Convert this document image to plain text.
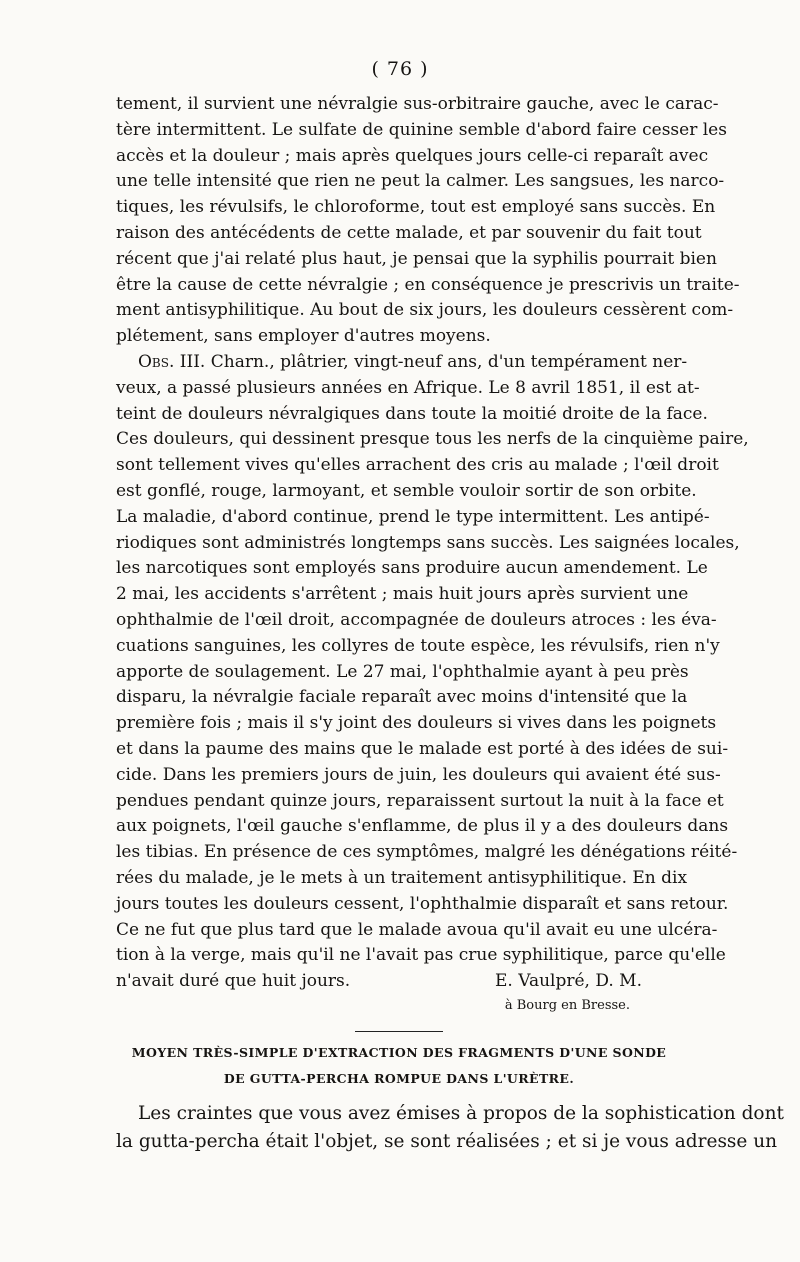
( 76 )
tement, il survient une névralgie sus-orbitraire gauche, avec le carac-
tère intermittent. Le sulfate de quinine semble d'abord faire cesser les
accès et la douleur ; mais après quelques jours celle-ci reparaît avec
une telle intensité que rien ne peut la calmer. Les sangsues, les narco-
tiques, les révulsifs, le chloroforme, tout est employé sans succès. En
raison des antécédents de cette malade, et par souvenir du fait tout
récent que j'ai relaté plus haut, je pensai que la syphilis pourrait bien
être la cause de cette névralgie ; en conséquence je prescrivis un traite-
ment antisyphilitique. Au bout de six jours, les douleurs cessèrent com-
plétement, sans employer d'autres moyens.
Obs. III. Charn., plâtrier, vingt-neuf ans, d'un tempérament ner-
veux, a passé plusieurs années en Afrique. Le 8 avril 1851, il est at-
teint de douleurs névralgiques dans toute la moitié droite de la face.
Ces douleurs, qui dessinent presque tous les nerfs de la cinquième paire,
sont tellement vives qu'elles arrachent des cris au malade ; l'œil droit
est gonflé, rouge, larmoyant, et semble vouloir sortir de son orbite.
La maladie, d'abord continue, prend le type intermittent. Les antipé-
riodiques sont administrés longtemps sans succès. Les saignées locales,
les narcotiques sont employés sans produire aucun amendement. Le
2 mai, les accidents s'arrêtent ; mais huit jours après survient une
ophthalmie de l'œil droit, accompagnée de douleurs atroces : les éva-
cuations sanguines, les collyres de toute espèce, les révulsifs, rien n'y
apporte de soulagement. Le 27 mai, l'ophthalmie ayant à peu près
disparu, la névralgie faciale reparaît avec moins d'intensité que la
première fois ; mais il s'y joint des douleurs si vives dans les poignets
et dans la paume des mains que le malade est porté à des idées de sui-
cide. Dans les premiers jours de juin, les douleurs qui avaient été sus-
pendues pendant quinze jours, reparaissent surtout la nuit à la face et
aux poignets, l'œil gauche s'enflamme, de plus il y a des douleurs dans
les tibias. En présence de ces symptômes, malgré les dénégations réité-
rées du malade, je le mets à un traitement antisyphilitique. En dix
jours toutes les douleurs cessent, l'ophthalmie disparaît et sans retour.
Ce ne fut que plus tard que le malade avoua qu'il avait eu une ulcéra-
tion à la verge, mais qu'il ne l'avait pas crue syphilitique, parce qu'elle
n'avait duré que huit jours.	E. Vaulpré, D. M.
à Bourg en Bresse.
MOYEN TRÈS-SIMPLE D'EXTRACTION DES FRAGMENTS D'UNE SONDE
DE GUTTA-PERCHA ROMPUE DANS L'URÈTRE.
Les craintes que vous avez émises à propos de la sophistication dont
la gutta-percha était l'objet, se sont réalisées ; et si je vous adresse un
